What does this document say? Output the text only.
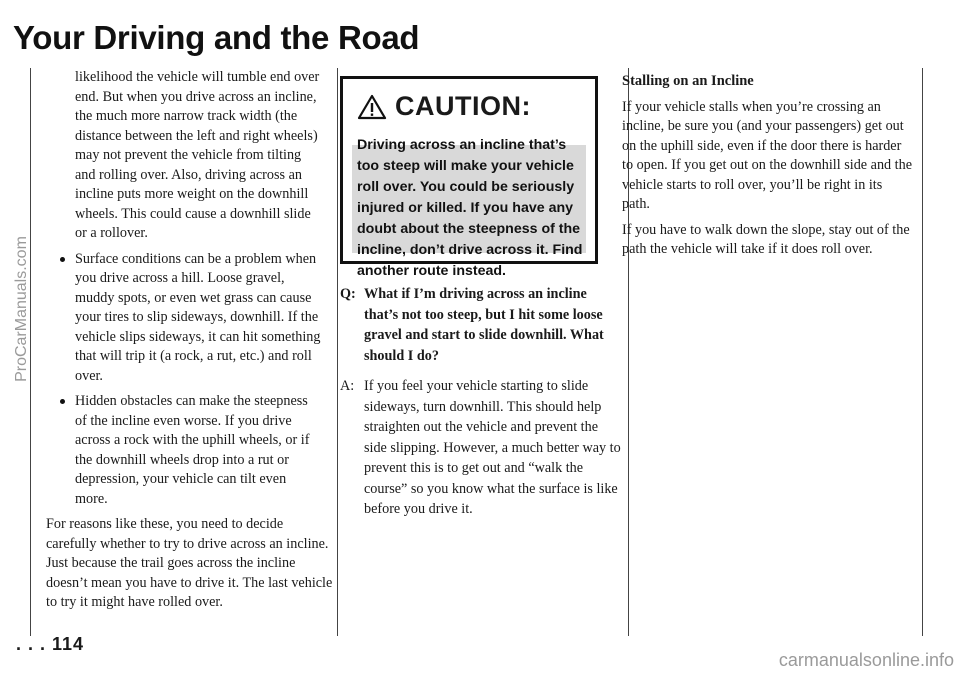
Your Driving and the Road
ProCarManuals.com

likelihood the vehicle will tumble end over end. But when you drive across an incline, the much more narrow track width (the distance between the left and right wheels) may not prevent the vehicle from tilting and rolling over. Also, driving across an incline puts more weight on the downhill wheels. This could cause a downhill slide or a rollover.

Surface conditions can be a problem when you drive across a hill. Loose gravel, muddy spots, or even wet grass can cause your tires to slip sideways, downhill. If the vehicle slips sideways, it can hit something that will trip it (a rock, a rut, etc.) and roll over.
Hidden obstacles can make the steepness of the incline even worse. If you drive across a rock with the uphill wheels, or if the downhill wheels drop into a rut or depression, your vehicle can tilt even more.

For reasons like these, you need to decide carefully whether to try to drive across an incline. Just because the trail goes across the incline doesn’t mean you have to drive it. The last vehicle to try it might have rolled over.

CAUTION:
Driving across an incline that’s too steep will make your vehicle roll over. You could be seriously injured or killed. If you have any doubt about the steepness of the incline, don’t drive across it. Find another route instead.
Q: What if I’m driving across an incline that’s not too steep, but I hit some loose gravel and start to slide downhill. What should I do?
A: If you feel your vehicle starting to slide sideways, turn downhill. This should help straighten out the vehicle and prevent the side slipping. However, a much better way to prevent this is to get out and “walk the course” so you know what the surface is like before you drive it.

Stalling on an Incline

If your vehicle stalls when you’re crossing an incline, be sure you (and your passengers) get out on the uphill side, even if the door there is harder to open. If you get out on the downhill side and the vehicle starts to roll over, you’ll be right in its path.

If you have to walk down the slope, stay out of the path the vehicle will take if it does roll over.

. . . 114
carmanualsonline.info
